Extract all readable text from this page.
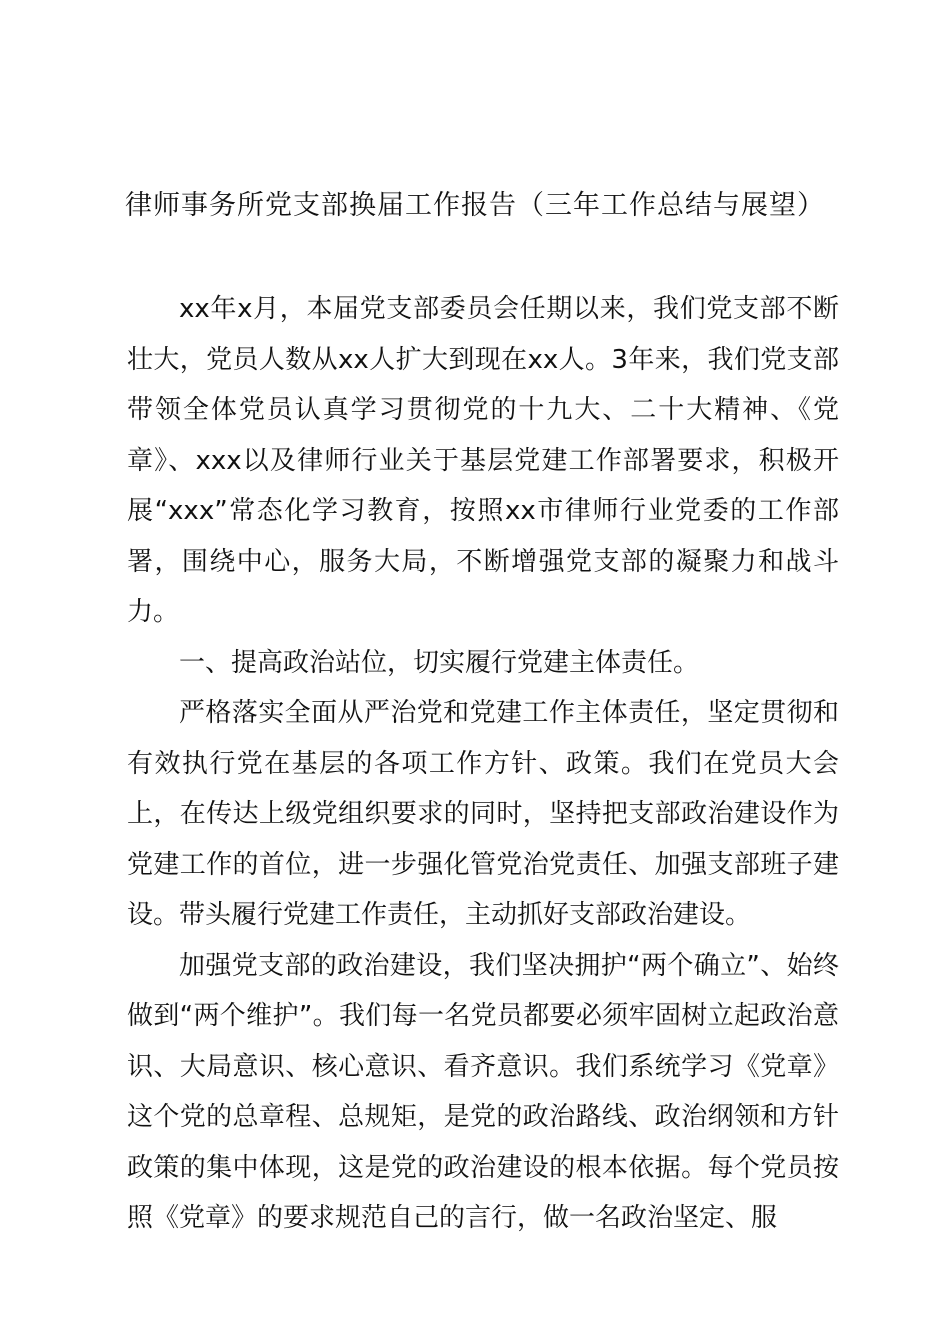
律师事务所党支部换届工作报告（三年工作总结与展望）

xx年x月，本届党支部委员会任期以来，我们党支部不断壮大，党员人数从xx人扩大到现在xx人。3年来，我们党支部带领全体党员认真学习贯彻党的十九大、二十大精神、《党章》、xxx以及律师行业关于基层党建工作部署要求，积极开展“xxx”常态化学习教育，按照xx市律师行业党委的工作部署，围绕中心，服务大局，不断增强党支部的凝聚力和战斗力。

一、提高政治站位，切实履行党建主体责任。

严格落实全面从严治党和党建工作主体责任，坚定贯彻和有效执行党在基层的各项工作方针、政策。我们在党员大会上，在传达上级党组织要求的同时，坚持把支部政治建设作为党建工作的首位，进一步强化管党治党责任、加强支部班子建设。带头履行党建工作责任，主动抓好支部政治建设。

加强党支部的政治建设，我们坚决拥护“两个确立”、始终做到“两个维护”。我们每一名党员都要必须牢固树立起政治意识、大局意识、核心意识、看齐意识。我们系统学习《党章》这个党的总章程、总规矩，是党的政治路线、政治纲领和方针政策的集中体现，这是党的政治建设的根本依据。每个党员按照《党章》的要求规范自己的言行，做一名政治坚定、服
